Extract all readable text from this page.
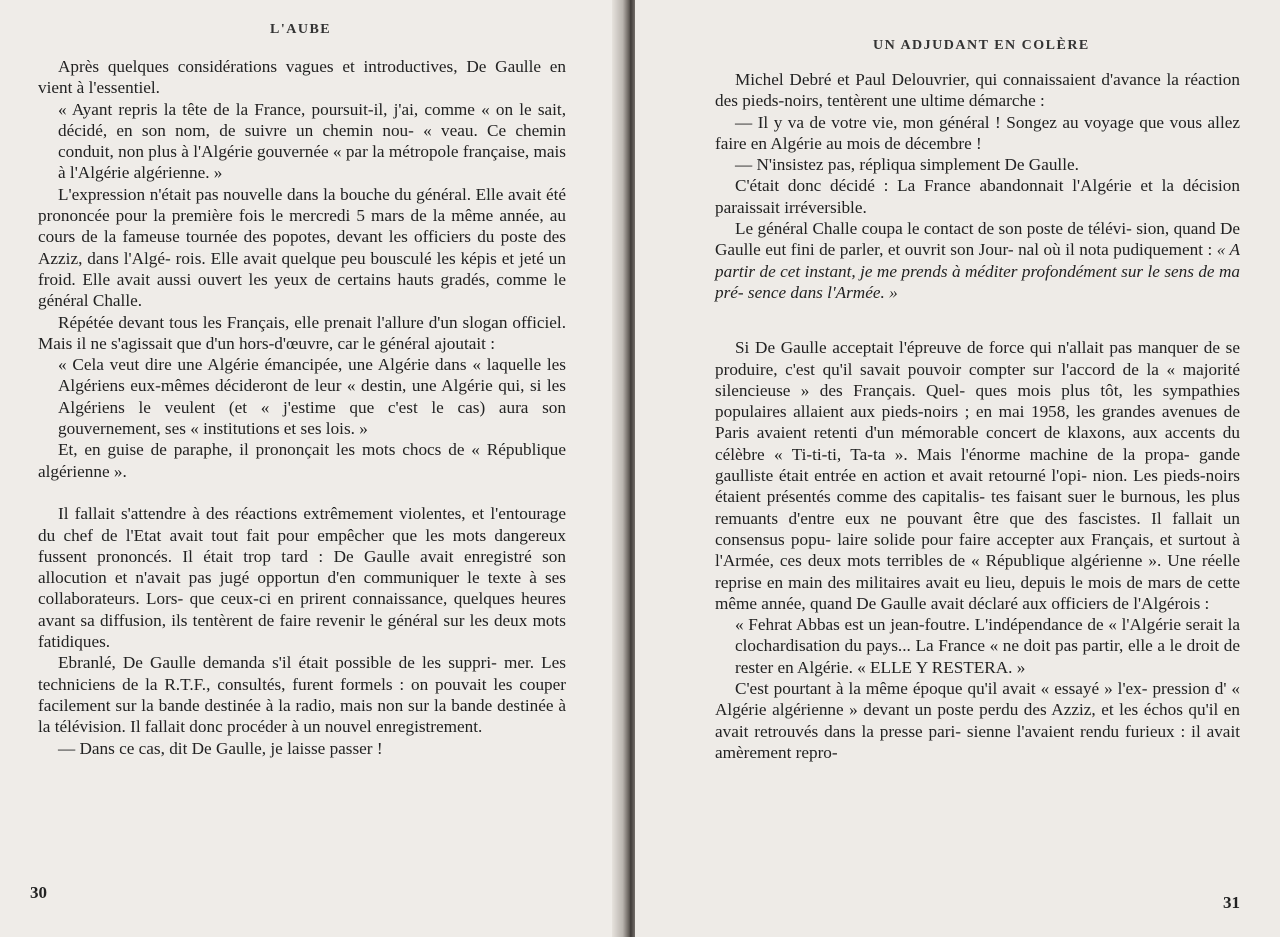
L'AUBE

Après quelques considérations vagues et introductives, De Gaulle en vient à l'essentiel.

« Ayant repris la tête de la France, poursuit-il, j'ai, comme « on le sait, décidé, en son nom, de suivre un chemin nou- « veau. Ce chemin conduit, non plus à l'Algérie gouvernée « par la métropole française, mais à l'Algérie algérienne. »

L'expression n'était pas nouvelle dans la bouche du général. Elle avait été prononcée pour la première fois le mercredi 5 mars de la même année, au cours de la fameuse tournée des popotes, devant les officiers du poste des Azziz, dans l'Algé- rois. Elle avait quelque peu bousculé les képis et jeté un froid. Elle avait aussi ouvert les yeux de certains hauts gradés, comme le général Challe.

Répétée devant tous les Français, elle prenait l'allure d'un slogan officiel. Mais il ne s'agissait que d'un hors-d'œuvre, car le général ajoutait :

« Cela veut dire une Algérie émancipée, une Algérie dans « laquelle les Algériens eux-mêmes décideront de leur « destin, une Algérie qui, si les Algériens le veulent (et « j'estime que c'est le cas) aura son gouvernement, ses « institutions et ses lois. »

Et, en guise de paraphe, il prononçait les mots chocs de « République algérienne ».

Il fallait s'attendre à des réactions extrêmement violentes, et l'entourage du chef de l'Etat avait tout fait pour empêcher que les mots dangereux fussent prononcés. Il était trop tard : De Gaulle avait enregistré son allocution et n'avait pas jugé opportun d'en communiquer le texte à ses collaborateurs. Lors- que ceux-ci en prirent connaissance, quelques heures avant sa diffusion, ils tentèrent de faire revenir le général sur les deux mots fatidiques.

Ebranlé, De Gaulle demanda s'il était possible de les suppri- mer. Les techniciens de la R.T.F., consultés, furent formels : on pouvait les couper facilement sur la bande destinée à la radio, mais non sur la bande destinée à la télévision. Il fallait donc procéder à un nouvel enregistrement.

— Dans ce cas, dit De Gaulle, je laisse passer !

30
UN ADJUDANT EN COLÈRE

Michel Debré et Paul Delouvrier, qui connaissaient d'avance la réaction des pieds-noirs, tentèrent une ultime démarche :

— Il y va de votre vie, mon général ! Songez au voyage que vous allez faire en Algérie au mois de décembre !

— N'insistez pas, répliqua simplement De Gaulle.

C'était donc décidé : La France abandonnait l'Algérie et la décision paraissait irréversible.

Le général Challe coupa le contact de son poste de télévi- sion, quand De Gaulle eut fini de parler, et ouvrit son Jour- nal où il nota pudiquement : « A partir de cet instant, je me prends à méditer profondément sur le sens de ma pré- sence dans l'Armée. »

Si De Gaulle acceptait l'épreuve de force qui n'allait pas manquer de se produire, c'est qu'il savait pouvoir compter sur l'accord de la « majorité silencieuse » des Français. Quel- ques mois plus tôt, les sympathies populaires allaient aux pieds-noirs ; en mai 1958, les grandes avenues de Paris avaient retenti d'un mémorable concert de klaxons, aux accents du célèbre « Ti-ti-ti, Ta-ta ». Mais l'énorme machine de la propa- gande gaulliste était entrée en action et avait retourné l'opi- nion. Les pieds-noirs étaient présentés comme des capitalis- tes faisant suer le burnous, les plus remuants d'entre eux ne pouvant être que des fascistes. Il fallait un consensus popu- laire solide pour faire accepter aux Français, et surtout à l'Armée, ces deux mots terribles de « République algérienne ». Une réelle reprise en main des militaires avait eu lieu, depuis le mois de mars de cette même année, quand De Gaulle avait déclaré aux officiers de l'Algérois :

« Fehrat Abbas est un jean-foutre. L'indépendance de « l'Algérie serait la clochardisation du pays... La France « ne doit pas partir, elle a le droit de rester en Algérie. « ELLE Y RESTERA. »

C'est pourtant à la même époque qu'il avait « essayé » l'ex- pression d' « Algérie algérienne » devant un poste perdu des Azziz, et les échos qu'il en avait retrouvés dans la presse pari- sienne l'avaient rendu furieux : il avait amèrement repro-

31
